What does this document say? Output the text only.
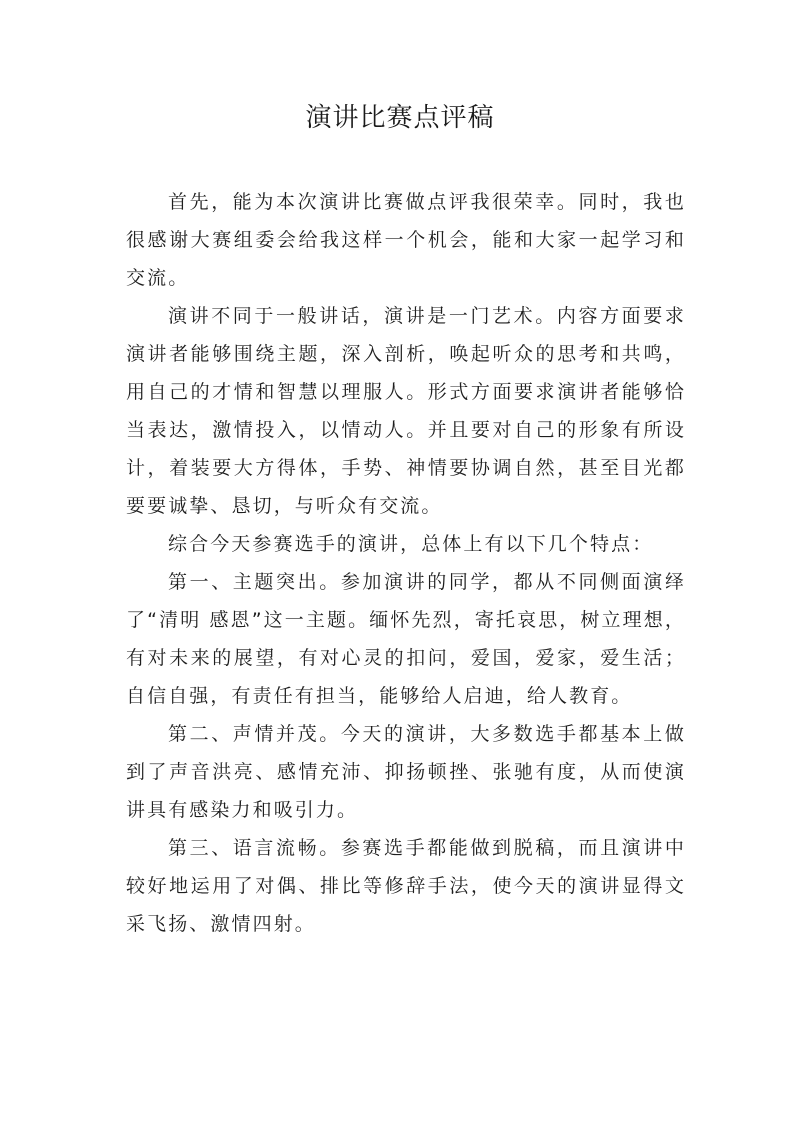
演讲比赛点评稿

首先，能为本次演讲比赛做点评我很荣幸。同时，我也很感谢大赛组委会给我这样一个机会，能和大家一起学习和交流。

演讲不同于一般讲话，演讲是一门艺术。内容方面要求演讲者能够围绕主题，深入剖析，唤起听众的思考和共鸣，用自己的才情和智慧以理服人。形式方面要求演讲者能够恰当表达，激情投入，以情动人。并且要对自己的形象有所设计，着装要大方得体，手势、神情要协调自然，甚至目光都要要诚挚、恳切，与听众有交流。

综合今天参赛选手的演讲，总体上有以下几个特点：

第一、主题突出。参加演讲的同学，都从不同侧面演绎了“清明 感恩”这一主题。缅怀先烈，寄托哀思，树立理想，有对未来的展望，有对心灵的扣问，爱国，爱家，爱生活；自信自强，有责任有担当，能够给人启迪，给人教育。

第二、声情并茂。今天的演讲，大多数选手都基本上做到了声音洪亮、感情充沛、抑扬顿挫、张驰有度，从而使演讲具有感染力和吸引力。

第三、语言流畅。参赛选手都能做到脱稿，而且演讲中较好地运用了对偶、排比等修辞手法，使今天的演讲显得文采飞扬、激情四射。
